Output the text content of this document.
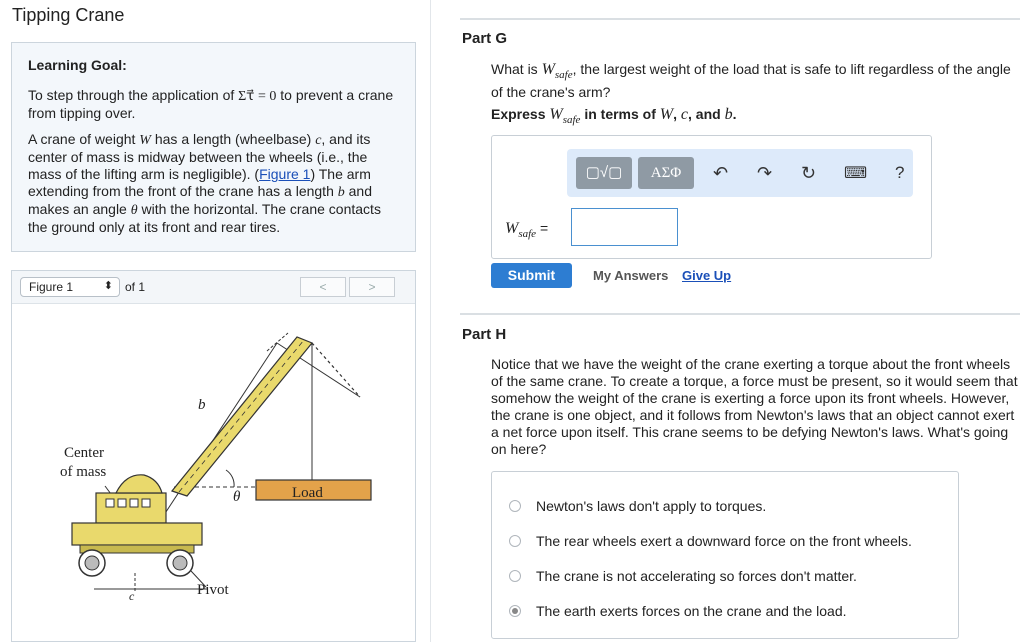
Tipping Crane
Learning Goal:

To step through the application of Στ⃗ = 0 to prevent a crane from tipping over.

A crane of weight W has a length (wheelbase) c, and its center of mass is midway between the wheels (i.e., the mass of the lifting arm is negligible). (Figure 1) The arm extending from the front of the crane has a length b and makes an angle θ with the horizontal. The crane contacts the ground only at its front and rear tires.

Figure 1	⬍ of 1	<	>
b
Center
of mass
θ	Load
c	Pivot
Part G
What is $W_{safe}$, the largest weight of the load that is safe to lift regardless of the angle of the crane's arm?
Express $W_{safe}$ in terms of W, c, and b.
▢√▢	ΑΣΦ	↶ ↷ ↻ ⌨ ?
$W_{safe}$ =
Submit	My Answers Give Up
Part H
Notice that we have the weight of the crane exerting a torque about the front wheels of the same crane. To create a torque, a force must be present, so it would seem that somehow the weight of the crane is exerting a force upon its front wheels. However, the crane is one object, and it follows from Newton's laws that an object cannot exert a net force upon itself. This crane seems to be defying Newton's laws. What's going on here?
Newton's laws don't apply to torques.
The rear wheels exert a downward force on the front wheels.
The crane is not accelerating so forces don't matter.
The earth exerts forces on the crane and the load.
